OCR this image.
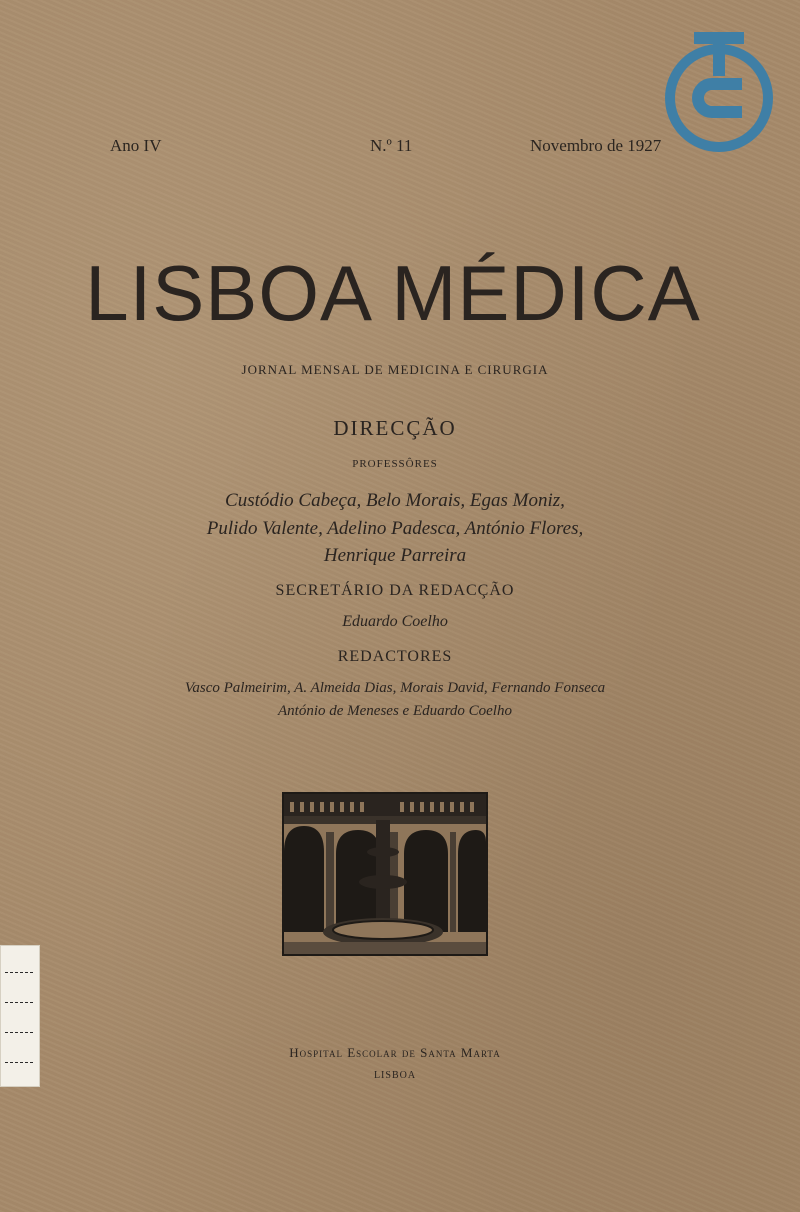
Ano IV	N.º 11	Novembro de 1927
LISBOA MÉDICA
JORNAL MENSAL DE MEDICINA E CIRURGIA
DIRECÇÃO
PROFESSÔRES
Custódio Cabeça, Belo Morais, Egas Moniz,
Pulido Valente, Adelino Padesca, António Flores,
Henrique Parreira
SECRETÁRIO DA REDACÇÃO
Eduardo Coelho
REDACTORES
Vasco Palmeirim, A. Almeida Dias, Morais David, Fernando Fonseca
António de Meneses e Eduardo Coelho
Hospital Escolar de Santa Marta
LISBOA
